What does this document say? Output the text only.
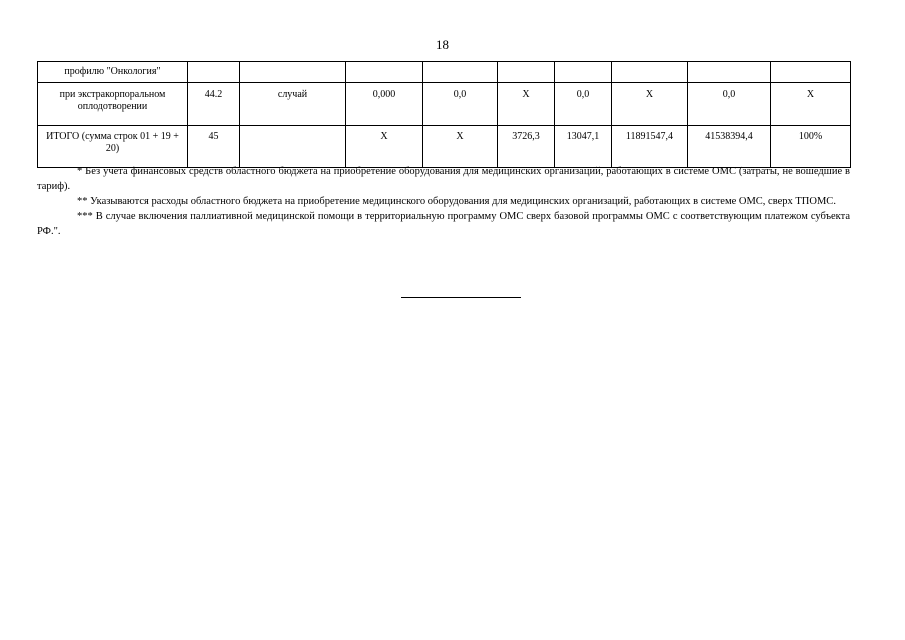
18
профилю "Онкология"									
при экстракорпоральном оплодотворении	44.2	случай	0,000	0,0	X	0,0	X	0,0	X
ИТОГО (сумма строк 01 + 19 + 20)	45		X	X	3726,3	13047,1	11891547,4	41538394,4	100%

* Без учета финансовых средств областного бюджета на приобретение оборудования для медицинских организаций, работающих в системе ОМС (затраты, не вошедшие в тариф).

** Указываются расходы областного бюджета на приобретение медицинского оборудования для медицинских организаций, работающих в системе ОМС, сверх ТПОМС.

*** В случае включения паллиативной медицинской помощи в территориальную программу ОМС сверх базовой программы ОМС с соответствующим платежом субъекта РФ.".
